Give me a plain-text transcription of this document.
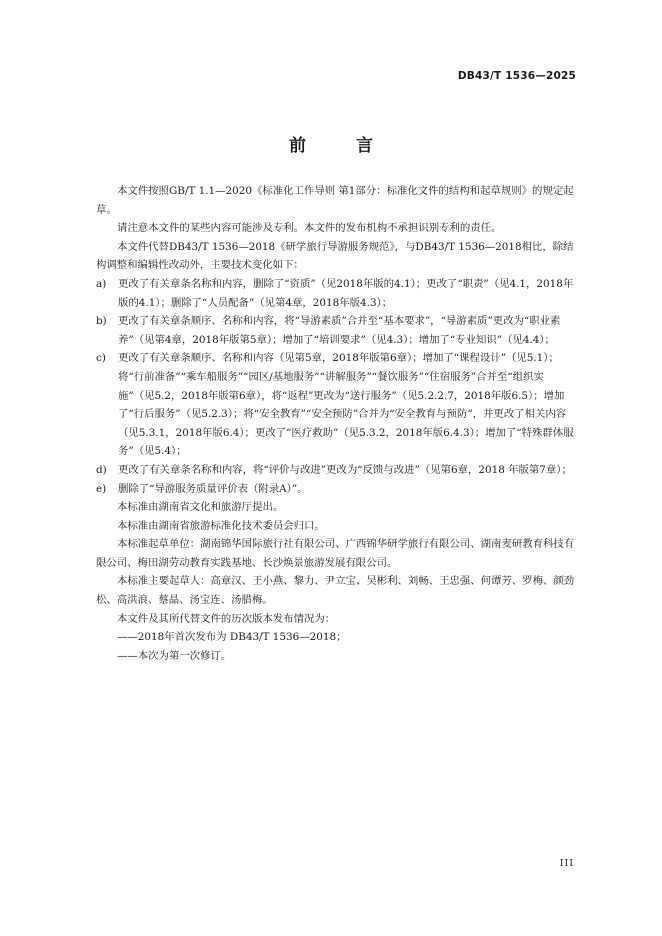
DB43/T 1536—2025
前 言

本文件按照GB/T 1.1—2020《标准化工作导则 第1部分：标准化文件的结构和起草规则》的规定起草。

请注意本文件的某些内容可能涉及专利。本文件的发布机构不承担识别专利的责任。

本文件代替DB43/T 1536—2018《研学旅行导游服务规范》，与DB43/T 1536—2018相比，除结构调整和编辑性改动外，主要技术变化如下：

a)	更改了有关章条名称和内容，删除了“资质”（见2018年版的4.1）；更改了“职责”（见4.1，2018年版的4.1）；删除了“人员配备”（见第4章，2018年版4.3）；
b)	更改了有关章条顺序、名称和内容，将“导游素质”合并至“基本要求”，“导游素质”更改为“职业素养”（见第4章，2018年版第5章）；增加了“培训要求”（见4.3）；增加了“专业知识”（见4.4）；
c)	更改了有关章条顺序、名称和内容（见第5章，2018年版第6章）；增加了“课程设计”（见5.1）；将“行前准备”“乘车船服务”“园区/基地服务”“讲解服务”“餐饮服务”“住宿服务”合并至“组织实施”（见5.2，2018年版第6章），将“返程”更改为“送行服务”（见5.2.2.7，2018年版6.5）；增加了“行后服务”（见5.2.3）；将“安全教育”“安全预防”合并为“安全教育与预防”，并更改了相关内容（见5.3.1，2018年版6.4）；更改了“医疗救助”（见5.3.2，2018年版6.4.3）；增加了“特殊群体服务”（见5.4）；
d)	更改了有关章条名称和内容，将“评价与改进”更改为“反馈与改进”（见第6章，2018 年版第7章）；
e)	删除了“导游服务质量评价表（附录A）”。

本标准由湖南省文化和旅游厅提出。

本标准由湖南省旅游标准化技术委员会归口。

本标准起草单位：湖南锦华国际旅行社有限公司、广西锦华研学旅行有限公司、湖南麦研教育科技有限公司、梅田湖劳动教育实践基地、长沙焕景旅游发展有限公司。

本标准主要起草人：高章汉、王小燕、黎力、尹立宝、吴彬利、刘畅、王忠强、何谭芳、罗梅、颜劲松、高洪浪、蔡晶、汤宝连、汤腊梅。

本文件及其所代替文件的历次版本发布情况为：

——2018年首次发布为 DB43/T 1536—2018；

——本次为第一次修订。

III
